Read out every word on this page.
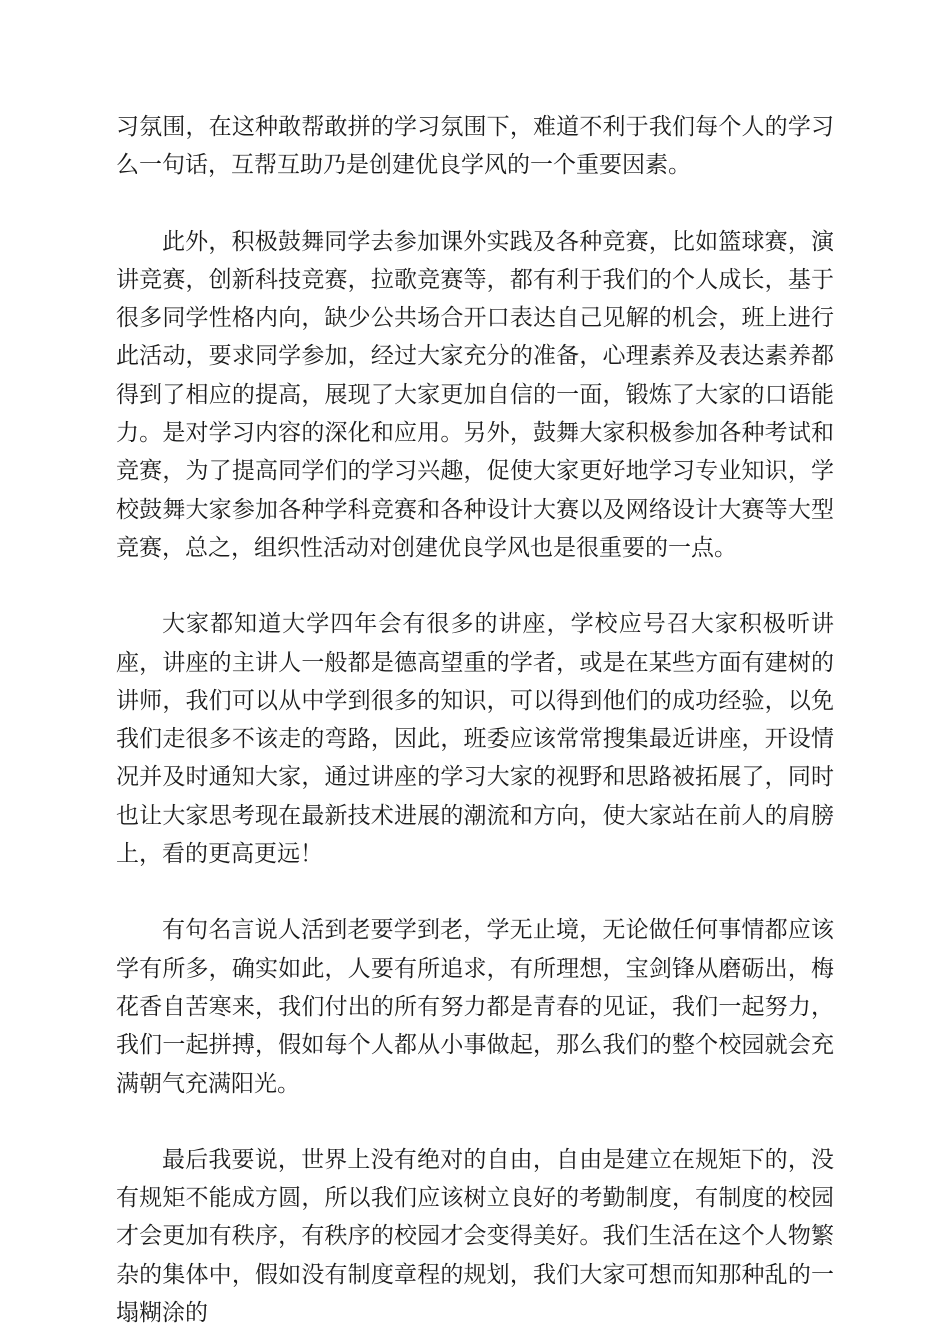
习氛围，在这种敢帮敢拼的学习氛围下，难道不利于我们每个人的学习么一句话，互帮互助乃是创建优良学风的一个重要因素。

此外，积极鼓舞同学去参加课外实践及各种竞赛，比如篮球赛，演讲竞赛，创新科技竞赛，拉歌竞赛等，都有利于我们的个人成长，基于很多同学性格内向，缺少公共场合开口表达自己见解的机会，班上进行此活动，要求同学参加，经过大家充分的准备，心理素养及表达素养都得到了相应的提高，展现了大家更加自信的一面，锻炼了大家的口语能力。是对学习内容的深化和应用。另外，鼓舞大家积极参加各种考试和竞赛，为了提高同学们的学习兴趣，促使大家更好地学习专业知识，学校鼓舞大家参加各种学科竞赛和各种设计大赛以及网络设计大赛等大型竞赛，总之，组织性活动对创建优良学风也是很重要的一点。

大家都知道大学四年会有很多的讲座，学校应号召大家积极听讲座，讲座的主讲人一般都是德高望重的学者，或是在某些方面有建树的讲师，我们可以从中学到很多的知识，可以得到他们的成功经验，以免我们走很多不该走的弯路，因此，班委应该常常搜集最近讲座，开设情况并及时通知大家，通过讲座的学习大家的视野和思路被拓展了，同时也让大家思考现在最新技术进展的潮流和方向，使大家站在前人的肩膀上，看的更高更远！

有句名言说人活到老要学到老，学无止境，无论做任何事情都应该学有所多，确实如此，人要有所追求，有所理想，宝剑锋从磨砺出，梅花香自苦寒来，我们付出的所有努力都是青春的见证，我们一起努力，我们一起拼搏，假如每个人都从小事做起，那么我们的整个校园就会充满朝气充满阳光。

最后我要说，世界上没有绝对的自由，自由是建立在规矩下的，没有规矩不能成方圆，所以我们应该树立良好的考勤制度，有制度的校园才会更加有秩序，有秩序的校园才会变得美好。我们生活在这个人物繁杂的集体中，假如没有制度章程的规划，我们大家可想而知那种乱的一塌糊涂的
